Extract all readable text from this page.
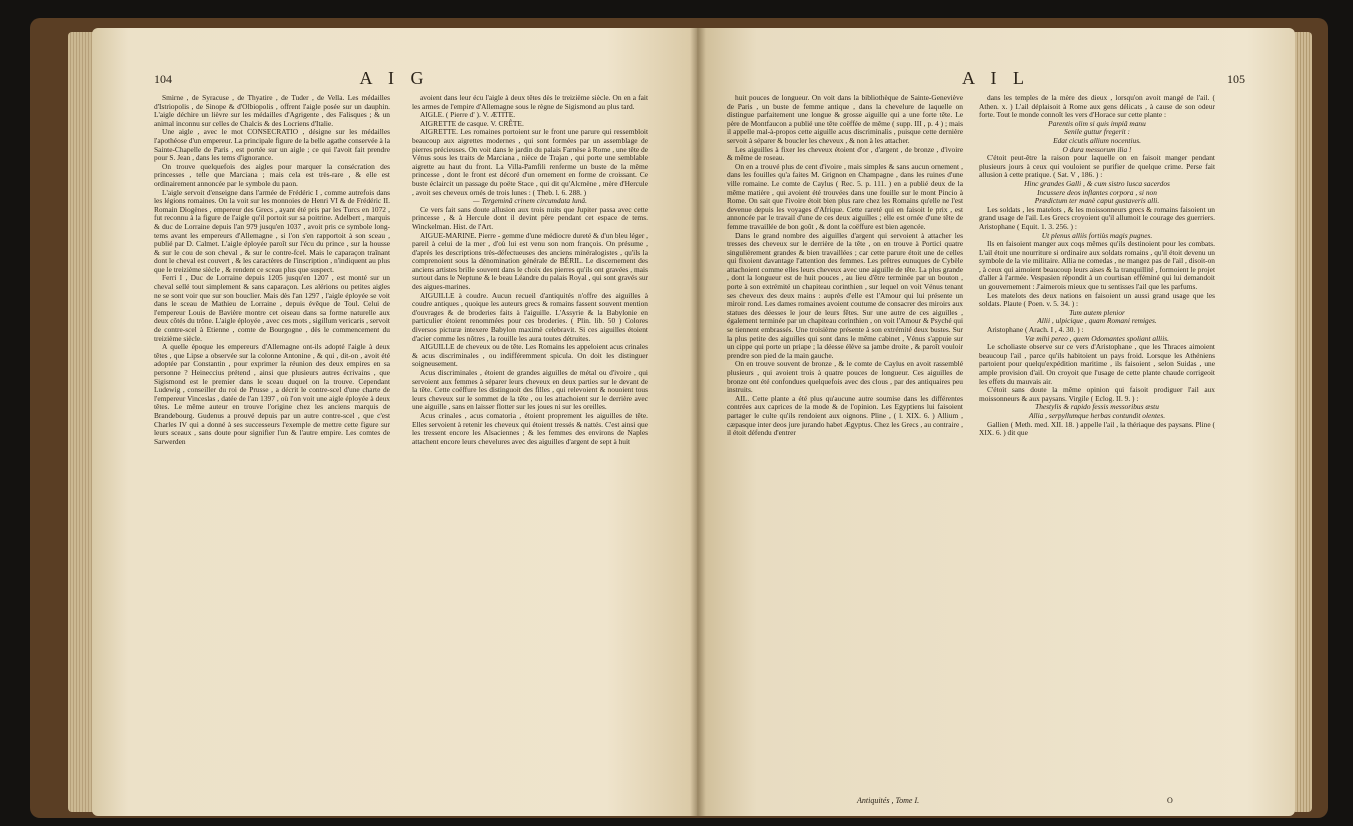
104	A I G

Smirne , de Syracuse , de Thyatire , de Tuder , de Vella. Les médailles d'Istriopolis , de Sinope & d'Olbiopolis , offrent l'aigle posée sur un dauphin. L'aigle déchire un lièvre sur les médailles d'Agrigente , des Falisques ; & un animal inconnu sur celles de Chalcis & des Locriens d'Italie.

Une aigle , avec le mot CONSECRATIO , désigne sur les médailles l'apothéose d'un empereur. La principale figure de la belle agathe conservée à la Sainte-Chapelle de Paris , est portée sur un aigle ; ce qui l'avoit fait prendre pour S. Jean , dans les tems d'ignorance.

On trouve quelquefois des aigles pour marquer la consécration des princesses , telle que Marciana ; mais cela est très-rare , & elle est ordinairement annoncée par le symbole du paon.

L'aigle servoit d'enseigne dans l'armée de Frédéric I , comme autrefois dans les légions romaines. On la voit sur les monnoies de Henri VI & de Frédéric II. Romain Diogènes , empereur des Grecs , ayant été pris par les Turcs en 1072 , fut reconnu à la figure de l'aigle qu'il portoit sur sa poitrine. Adelbert , marquis & duc de Lorraine depuis l'an 979 jusqu'en 1037 , avoit pris ce symbole long-tems avant les empereurs d'Allemagne , si l'on s'en rapportoit à son sceau , publié par D. Calmet. L'aigle éployée paroît sur l'écu du prince , sur la housse & sur le cou de son cheval , & sur le contre-fcel. Mais le caparaçon traînant dont le cheval est couvert , & les caractères de l'inscription , n'indiquent au plus que le treizième siècle , & rendent ce sceau plus que suspect.

Ferri I , Duc de Lorraine depuis 1205 jusqu'en 1207 , est monté sur un cheval sellé tout simplement & sans caparaçon. Les alérions ou petites aigles ne se sont voir que sur son bouclier. Mais dès l'an 1297 , l'aigle éployée se voit dans le sceau de Mathieu de Lorraine , depuis évêque de Toul. Celui de l'empereur Louis de Bavière montre cet oiseau dans sa forme naturelle aux deux côtés du trône. L'aigle éployée , avec ces mots , sigillum vericaris , servoit de contre-scel à Etienne , comte de Bourgogne , dès le commencement du treizième siècle.

A quelle époque les empereurs d'Allemagne ont-ils adopté l'aigle à deux têtes , que Lipse a observée sur la colonne Antonine , & qui , dit-on , avoit été adoptée par Constantin , pour exprimer la réunion des deux empires en sa personne ? Heineccius prétend , ainsi que plusieurs autres écrivains , que Sigismond est le premier dans le sceau duquel on la trouve. Cependant Ludewig , conseiller du roi de Prusse , a décrit le contre-scel d'une charte de l'empereur Vinceslas , datée de l'an 1397 , où l'on voit une aigle éployée à deux têtes. Le même auteur en trouve l'origine chez les anciens marquis de Brandebourg. Gudenus a prouvé depuis par un autre contre-scel , que c'est Charles IV qui a donné à ses successeurs l'exemple de mettre cette figure sur leurs sceaux , sans doute pour signifier l'un & l'autre empire. Les comtes de Sarwerden

avoient dans leur écu l'aigle à deux têtes dès le treizième siècle. On en a fait les armes de l'empire d'Allemagne sous le règne de Sigismond au plus tard.

AIGLE. ( Pierre d' ). V. ÆTITE.

AIGRETTE de casque. V. CRÊTE.

AIGRETTE. Les romaines portoient sur le front une parure qui ressembloit beaucoup aux aigrettes modernes , qui sont formées par un assemblage de pierres précieuses. On voit dans le jardin du palais Farnèse à Rome , une tête de Vénus sous les traits de Marciana , nièce de Trajan , qui porte une semblable aigrette au haut du front. La Villa-Pamfili renferme un buste de la même princesse , dont le front est décoré d'un ornement en forme de croissant. Ce buste éclaircit un passage du poëte Stace , qui dit qu'Alcmène , mère d'Hercule , avoit ses cheveux ornés de trois lunes : ( Theb. l. 6. 288. )

— Tergeminâ crinem circumdata lunâ.

Ce vers fait sans doute allusion aux trois nuits que Jupiter passa avec cette princesse , & à Hercule dont il devint père pendant cet espace de tems. Winckelman. Hist. de l'Art.

AIGUE-MARINE. Pierre - gemme d'une médiocre dureté & d'un bleu léger , pareil à celui de la mer , d'où lui est venu son nom françois. On présume , d'après les descriptions très-défectueuses des anciens minéralogistes , qu'ils la comprenoient sous la dénomination générale de BÉRIL. Le discernement des anciens artistes brille souvent dans le choix des pierres qu'ils ont gravées , mais surtout dans le Neptune & le beau Léandre du palais Royal , qui sont gravés sur des aigues-marines.

AIGUILLE à coudre. Aucun recueil d'antiquités n'offre des aiguilles à coudre antiques , quoique les auteurs grecs & romains fassent souvent mention d'ouvrages & de broderies faits à l'aiguille. L'Assyrie & la Babylonie en particulier étoient renommées pour ces broderies. ( Plin. lib. 50 ) Colores diversos picturæ intexere Babylon maximè celebravit. Si ces aiguilles étoient d'acier comme les nôtres , la rouille les aura toutes détruites.

AIGUILLE de cheveux ou de tête. Les Romains les appeloient acus crinales & acus discriminales , ou indifféremment spicula. On doit les distinguer soigneusement.

Acus discriminales , étoient de grandes aiguilles de métal ou d'ivoire , qui servoient aux femmes à séparer leurs cheveux en deux parties sur le devant de la tête. Cette coëffure les distinguoit des filles , qui relevoient & nouoient tous leurs cheveux sur le sommet de la tête , ou les attachoient sur le derrière avec une aiguille , sans en laisser flotter sur les joues ni sur les oreilles.

Acus crinales , acus comatoria , étoient proprement les aiguilles de tête. Elles servoient à retenir les cheveux qui étoient tressés & nattés. C'est ainsi que les tressent encore les Alsaciennes ; & les femmes des environs de Naples attachent encore leurs chevelures avec des aiguilles d'argent de sept à huit

A I L	105

huit pouces de longueur. On voit dans la bibliothèque de Sainte-Geneviève de Paris , un buste de femme antique , dans la chevelure de laquelle on distingue parfaitement une longue & grosse aiguille qui a une forte tête. Le père de Montfaucon a publié une tête coëffée de même ( supp. III , p. 4 ) ; mais il appelle mal-à-propos cette aiguille acus discriminalis , puisque cette dernière servoit à séparer & boucler les cheveux , & non à les attacher.

Les aiguilles à fixer les cheveux étoient d'or , d'argent , de bronze , d'ivoire & même de roseau.

On en a trouvé plus de cent d'ivoire , mais simples & sans aucun ornement , dans les fouilles qu'a faites M. Grignon en Champagne , dans les ruines d'une ville romaine. Le comte de Caylus ( Rec. 5. p. 111. ) en a publié deux de la même matière , qui avoient été trouvées dans une fouille sur le mont Pincio à Rome. On sait que l'ivoire étoit bien plus rare chez les Romains qu'elle ne l'est devenue depuis les voyages d'Afrique. Cette rareté qui en faisoit le prix , est annoncée par le travail d'une de ces deux aiguilles ; elle est ornée d'une tête de femme travaillée de bon goût , & dont la coëffure est bien agencée.

Dans le grand nombre des aiguilles d'argent qui servoient à attacher les tresses des cheveux sur le derrière de la tête , on en trouve à Portici quatre singulièrement grandes & bien travaillées ; car cette parure étoit une de celles qui fixoient davantage l'attention des femmes. Les prêtres eunuques de Cybèle attachoient comme elles leurs cheveux avec une aiguille de tête. La plus grande , dont la longueur est de huit pouces , au lieu d'être terminée par un bouton , porte à son extrémité un chapiteau corinthien , sur lequel on voit Vénus tenant ses cheveux des deux mains : auprès d'elle est l'Amour qui lui présente un miroir rond. Les dames romaines avoient coutume de consacrer des miroirs aux statues des déesses le jour de leurs fêtes. Sur une autre de ces aiguilles , également terminée par un chapiteau corinthien , on voit l'Amour & Psyché qui se tiennent embrassés. Une troisième présente à son extrémité deux bustes. Sur la plus petite des aiguilles qui sont dans le même cabinet , Vénus s'appuie sur un cippe qui porte un priape ; la déesse élève sa jambe droite , & paroît vouloir prendre son pied de la main gauche.

On en trouve souvent de bronze , & le comte de Caylus en avoit rassemblé plusieurs , qui avoient trois à quatre pouces de longueur. Ces aiguilles de bronze ont été confondues quelquefois avec des clous , par des antiquaires peu instruits.

AIL. Cette plante a été plus qu'aucune autre soumise dans les différentes contrées aux caprices de la mode & de l'opinion. Les Egyptiens lui faisoient partager le culte qu'ils rendoient aux oignons. Pline , ( l. XIX. 6. ) Allium , cæpasque inter deos jure jurando habet Ægyptus. Chez les Grecs , au contraire , il étoit défendu d'entrer

dans les temples de la mère des dieux , lorsqu'on avoit mangé de l'ail. ( Athen. x. ) L'ail déplaisoit à Rome aux gens délicats , à cause de son odeur forte. Tout le monde connoît les vers d'Horace sur cette plante :

Parentis olim si quis impiâ manu
Senile guttur fregerit :
Edat cicutis allium nocentius.
O dura messorum ilia !

C'étoit peut-être la raison pour laquelle on en faisoit manger pendant plusieurs jours à ceux qui vouloient se purifier de quelque crime. Perse fait allusion à cette pratique. ( Sat. V , 186. ) :

Hinc grandes Galli , & cum sistro lusca sacerdos
Incussere deos inflantes corpora , si non
Prædictum ter manè caput gustaveris alli.

Les soldats , les matelots , & les moissonneurs grecs & romains faisoient un grand usage de l'ail. Les Grecs croyoient qu'il allumoit le courage des guerriers. Aristophane ( Equit. 1. 3. 256. ) :

Ut plenus alliis fortiùs magis pugnes.

Ils en faisoient manger aux coqs mêmes qu'ils destinoient pour les combats. L'ail étoit une nourriture si ordinaire aux soldats romains , qu'il étoit devenu un symbole de la vie militaire. Allia ne comedas , ne mangez pas de l'ail , disoit-on , à ceux qui aimoient beaucoup leurs aises & la tranquillité , formoient le projet d'aller à l'armée. Vespasien répondit à un courtisan efféminé qui lui demandoit un gouvernement : J'aimerois mieux que tu sentisses l'ail que les parfums.

Les matelots des deux nations en faisoient un aussi grand usage que les soldats. Plaute ( Poen. v. 5. 34. ) :

Tum autem plenior
Allii , ulpicique , quam Romani remiges.

Aristophane ( Arach. I , 4. 30. ) :

Væ mihi pereo , quem Odomantes spoliant alliis.

Le scholiaste observe sur ce vers d'Aristophane , que les Thraces aimoient beaucoup l'ail , parce qu'ils habitoient un pays froid. Lorsque les Athéniens partoient pour quelqu'expédition maritime , ils faisoient , selon Suidas , une ample provision d'ail. On croyoit que l'usage de cette plante chaude corrigeoit les effets du mauvais air.

C'étoit sans doute la même opinion qui faisoit prodiguer l'ail aux moissonneurs & aux paysans. Virgile ( Eclog. II. 9. ) :

Thestylis & rapido fessis messoribus æstu
Allia , serpyllumque herbas contundit olentes.

Gallien ( Meth. med. XII. 18. ) appelle l'ail , la thériaque des paysans. Pline ( XIX. 6. ) dit que

Antiquités , Tome I.	O
